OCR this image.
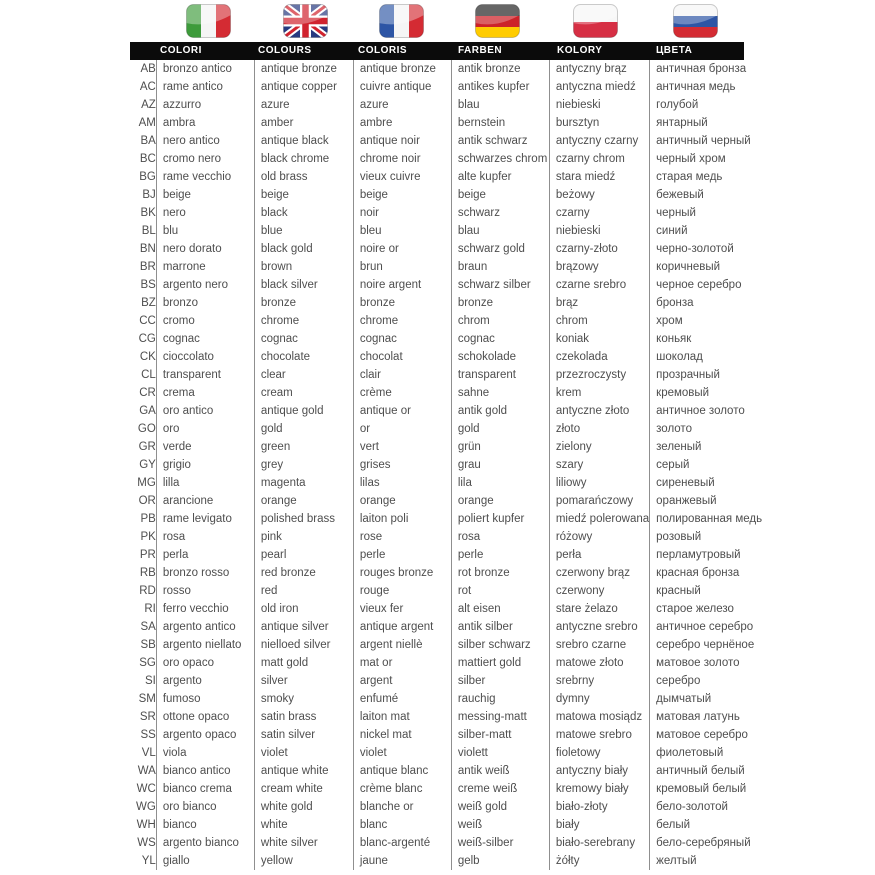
COLORI	COLOURS	COLORIS	FARBEN	KOLORY	ЦВЕТА
AB	bronzo antico	antique bronze	antique bronze	antik bronze	antyczny brąz	античная бронза
AC	rame antico	antique copper	cuivre antique	antikes kupfer	antyczna miedź	античная медь
AZ	azzurro	azure	azure	blau	niebieski	голубой
AM	ambra	amber	ambre	bernstein	bursztyn	янтарный
BA	nero antico	antique black	antique noir	antik schwarz	antyczny czarny	античный черный
BC	cromo nero	black chrome	chrome noir	schwarzes chrom	czarny chrom	черный хром
BG	rame vecchio	old brass	vieux cuivre	alte kupfer	stara miedź	старая медь
BJ	beige	beige	beige	beige	beżowy	бежевый
BK	nero	black	noir	schwarz	czarny	черный
BL	blu	blue	bleu	blau	niebieski	синий
BN	nero dorato	black gold	noire or	schwarz gold	czarny-złoto	черно-золотой
BR	marrone	brown	brun	braun	brązowy	коричневый
BS	argento nero	black silver	noire argent	schwarz silber	czarne srebro	черное серебро
BZ	bronzo	bronze	bronze	bronze	brąz	бронза
CC	cromo	chrome	chrome	chrom	chrom	хром
CG	cognac	cognac	cognac	cognac	koniak	коньяк
CK	cioccolato	chocolate	chocolat	schokolade	czekolada	шоколад
CL	transparent	clear	clair	transparent	przezroczysty	прозрачный
CR	crema	cream	crème	sahne	krem	кремовый
GA	oro antico	antique gold	antique or	antik gold	antyczne złoto	античное золото
GO	oro	gold	or	gold	złoto	золото
GR	verde	green	vert	grün	zielony	зеленый
GY	grigio	grey	grises	grau	szary	серый
MG	lilla	magenta	lilas	lila	liliowy	сиреневый
OR	arancione	orange	orange	orange	pomarańczowy	оранжевый
PB	rame levigato	polished brass	laiton poli	poliert kupfer	miedź polerowana	полированная медь
PK	rosa	pink	rose	rosa	różowy	розовый
PR	perla	pearl	perle	perle	perła	перламутровый
RB	bronzo rosso	red bronze	rouges bronze	rot bronze	czerwony brąz	красная бронза
RD	rosso	red	rouge	rot	czerwony	красный
RI	ferro vecchio	old iron	vieux fer	alt eisen	stare żelazo	старое железо
SA	argento antico	antique silver	antique argent	antik silber	antyczne srebro	античное серебро
SB	argento niellato	nielloed silver	argent niellè	silber schwarz	srebro czarne	серебро чернёное
SG	oro opaco	matt gold	mat or	mattiert gold	matowe złoto	матовое золото
SI	argento	silver	argent	silber	srebrny	серебро
SM	fumoso	smoky	enfumé	rauchig	dymny	дымчатый
SR	ottone opaco	satin brass	laiton mat	messing-matt	matowa mosiądz	матовая латунь
SS	argento opaco	satin silver	nickel mat	silber-matt	matowe srebro	матовое серебро
VL	viola	violet	violet	violett	fioletowy	фиолетовый
WA	bianco antico	antique white	antique blanc	antik weiß	antyczny biały	античный белый
WC	bianco crema	cream white	crème blanc	creme weiß	kremowy biały	кремовый белый
WG	oro bianco	white gold	blanche or	weiß gold	biało-złoty	бело-золотой
WH	bianco	white	blanc	weiß	biały	белый
WS	argento bianco	white silver	blanc-argenté	weiß-silber	biało-serebrany	бело-серебряный
YL	giallo	yellow	jaune	gelb	żółty	желтый
